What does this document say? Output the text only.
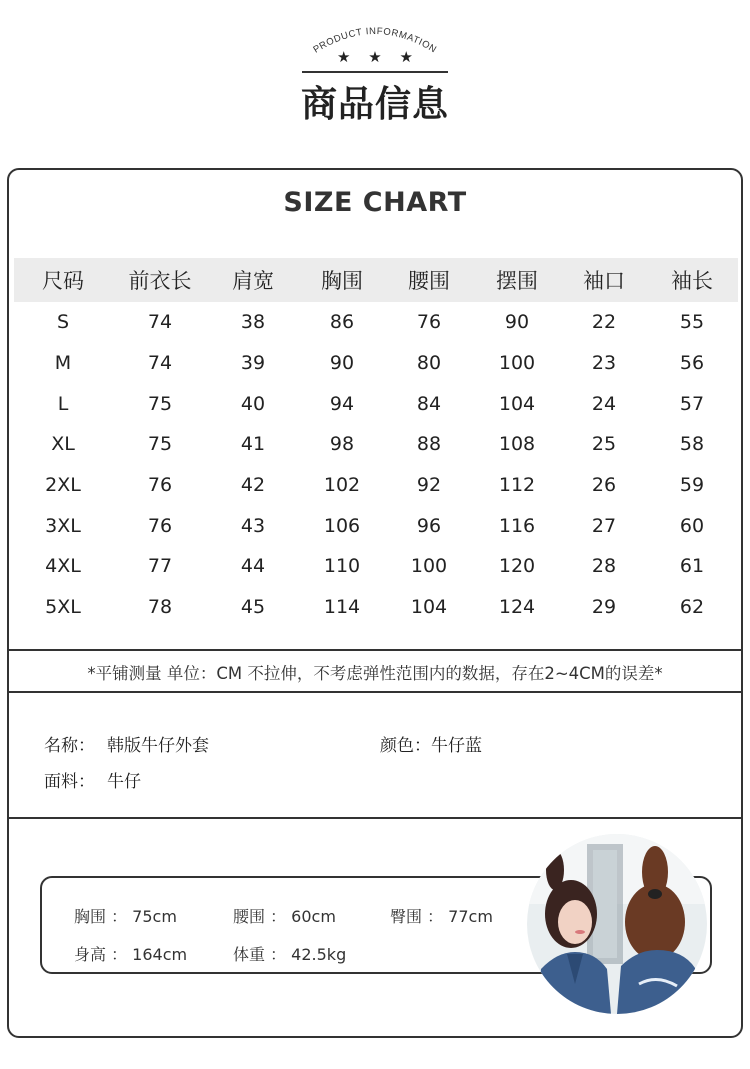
PRODUCT INFORMATION
★ ★ ★
商品信息
SIZE CHART
尺码	前衣长	肩宽	胸围	腰围	摆围	袖口	袖长
S	74	38	86	76	90	22	55
M	74	39	90	80	100	23	56
L	75	40	94	84	104	24	57
XL	75	41	98	88	108	25	58
2XL	76	42	102	92	112	26	59
3XL	76	43	106	96	116	27	60
4XL	77	44	110	100	120	28	61
5XL	78	45	114	104	124	29	62
*平铺测量 单位：CM 不拉伸，不考虑弹性范围内的数据，存在2~4CM的误差*
名称： 韩版牛仔外套	颜色：牛仔蓝
面料： 牛仔
胸围 ： 75cm	腰围 ： 60cm	臀围 ： 77cm
身高 ： 164cm	体重 ： 42.5kg
